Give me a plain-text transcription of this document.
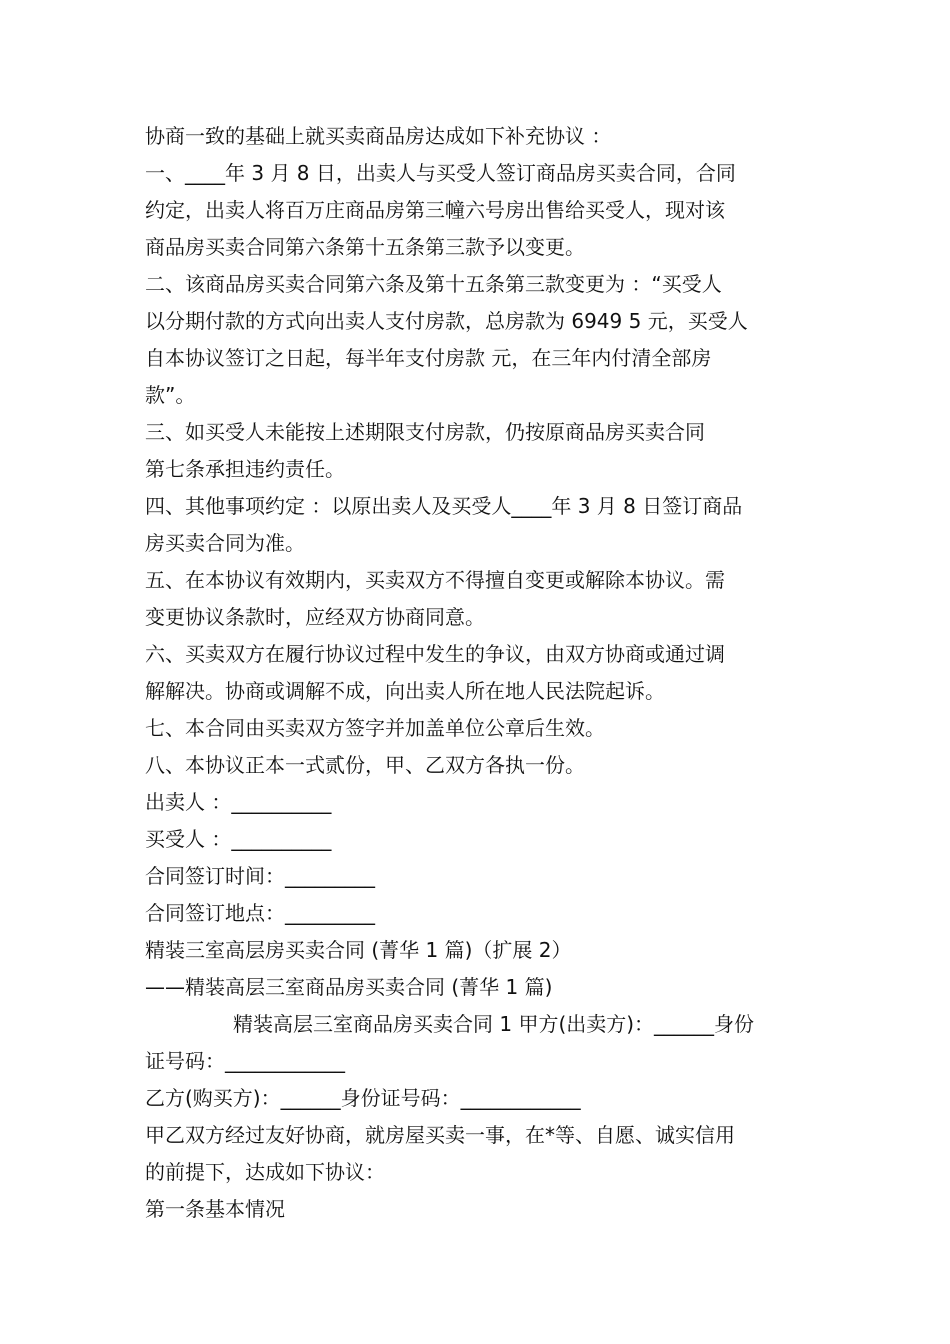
协商一致的基础上就买卖商品房达成如下补充协议 ：
一、____年 3 月 8 日，出卖人与买受人签订商品房买卖合同，合同
约定，出卖人将百万庄商品房第三幢六号房出售给买受人，现对该
商品房买卖合同第六条第十五条第三款予以变更。
二、该商品房买卖合同第六条及第十五条第三款变更为 ：“买受人
以分期付款的方式向出卖人支付房款，总房款为 6949 5 元，买受人
自本协议签订之日起，每半年支付房款 元，在三年内付清全部房
款”。
三、如买受人未能按上述期限支付房款，仍按原商品房买卖合同
第七条承担违约责任。
四、其他事项约定 ：以原出卖人及买受人____年 3 月 8 日签订商品
房买卖合同为准。
五、在本协议有效期内，买卖双方不得擅自变更或解除本协议。需
变更协议条款时，应经双方协商同意。
六、买卖双方在履行协议过程中发生的争议，由双方协商或通过调
解解决。协商或调解不成，向出卖人所在地人民法院起诉。
七、本合同由买卖双方签字并加盖单位公章后生效。
八、本协议正本一式贰份，甲、乙双方各执一份。
出卖人 ：__________
买受人 ：__________
合同签订时间：_________
合同签订地点：_________
精装三室高层房买卖合同 (菁华 1 篇)（扩展 2）
——精装高层三室商品房买卖合同 (菁华 1 篇)
精装高层三室商品房买卖合同 1 甲方(出卖方)：______身份
证号码：____________
乙方(购买方)：______身份证号码：____________
甲乙双方经过友好协商，就房屋买卖一事，在*等、自愿、诚实信用
的前提下，达成如下协议：
第一条基本情况
